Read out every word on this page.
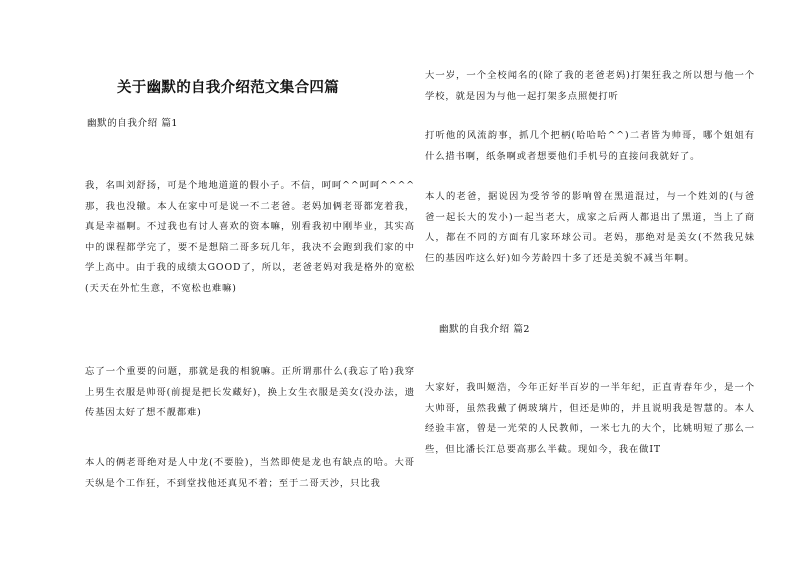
关于幽默的自我介绍范文集合四篇
幽默的自我介绍 篇1
我，名叫刘舒扬，可是个地地道道的假小子。不信，呵呵^^呵呵^^^^那，我也没辙。本人在家中可是说一不二老爸。老妈加俩老哥都宠着我，真是幸福啊。不过我也有讨人喜欢的资本嘛，别看我初中刚毕业，其实高中的课程都学完了，要不是想陪二哥多玩几年，我决不会跑到我们家的中学上高中。由于我的成绩太GOOD了，所以，老爸老妈对我是格外的宽松(天天在外忙生意，不宽松也难嘛)
忘了一个重要的问题，那就是我的相貌嘛。正所谓那什么(我忘了哈)我穿上男生衣服是帅哥(前提是把长发藏好)，换上女生衣服是美女(没办法，遗传基因太好了想不靓都难)
本人的俩老哥绝对是人中龙(不要脸)，当然即使是龙也有缺点的哈。大哥天纵是个工作狂，不到堂找他还真见不着；至于二哥天沙，只比我
大一岁，一个全校闻名的(除了我的老爸老妈)打架狂我之所以想与他一个学校，就是因为与他一起打架多点照便打听
打听他的风流韵事，抓几个把柄(哈哈哈^^)二者皆为帅哥，哪个姐姐有什么措书啊，纸条啊或者想要他们手机号的直接问我就好了。
本人的老爸，据说因为受爷爷的影响曾在黑道混过，与一个姓刘的(与爸爸一起长大的发小)一起当老大，成家之后两人都退出了黑道，当上了商人，都在不同的方面有几家环球公司。老妈，那绝对是美女(不然我兄妹仨的基因咋这么好)如今芳龄四十多了还是美貌不减当年啊。
幽默的自我介绍 篇2
大家好，我叫姬浩，今年正好半百岁的一半年纪，正直青春年少，是一个大帅哥，虽然我戴了俩玻璃片，但还是帅的，并且说明我是智慧的。本人经验丰富，曾是一光荣的人民教师，一米七九的大个，比姚明短了那么一些，但比潘长江总要高那么半截。现如今，我在做IT
